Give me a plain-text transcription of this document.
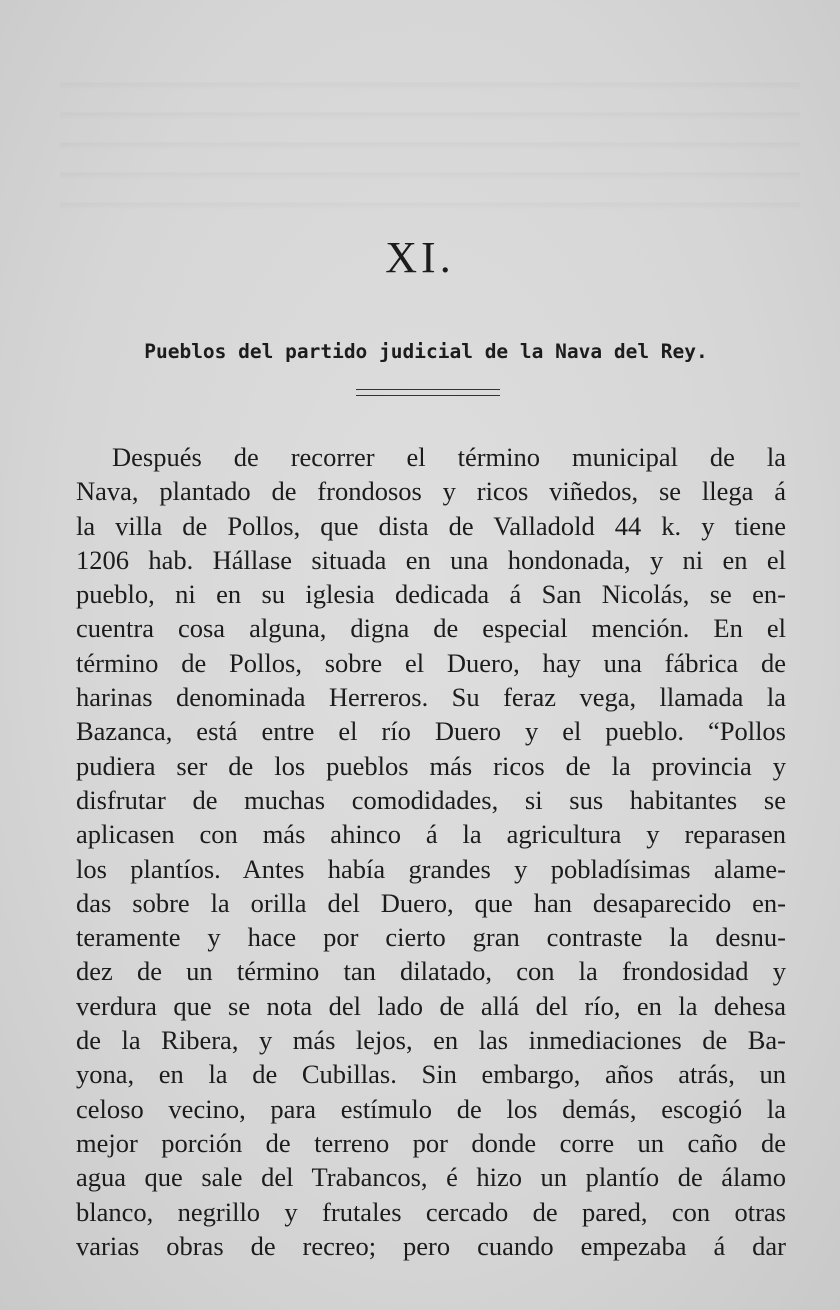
XI.
Pueblos del partido judicial de la Nava del Rey.
Después de recorrer el término municipal de la
Nava, plantado de frondosos y ricos viñedos, se llega á
la villa de Pollos, que dista de Valladold 44 k. y tiene
1206 hab. Hállase situada en una hondonada, y ni en el
pueblo, ni en su iglesia dedicada á San Nicolás, se en-
cuentra cosa alguna, digna de especial mención. En el
término de Pollos, sobre el Duero, hay una fábrica de
harinas denominada Herreros. Su feraz vega, llamada la
Bazanca, está entre el río Duero y el pueblo. “Pollos
pudiera ser de los pueblos más ricos de la provincia y
disfrutar de muchas comodidades, si sus habitantes se
aplicasen con más ahinco á la agricultura y reparasen
los plantíos. Antes había grandes y pobladísimas alame-
das sobre la orilla del Duero, que han desaparecido en-
teramente y hace por cierto gran contraste la desnu-
dez de un término tan dilatado, con la frondosidad y
verdura que se nota del lado de allá del río, en la dehesa
de la Ribera, y más lejos, en las inmediaciones de Ba-
yona, en la de Cubillas. Sin embargo, años atrás, un
celoso vecino, para estímulo de los demás, escogió la
mejor porción de terreno por donde corre un caño de
agua que sale del Trabancos, é hizo un plantío de álamo
blanco, negrillo y frutales cercado de pared, con otras
varias obras de recreo; pero cuando empezaba á dar
